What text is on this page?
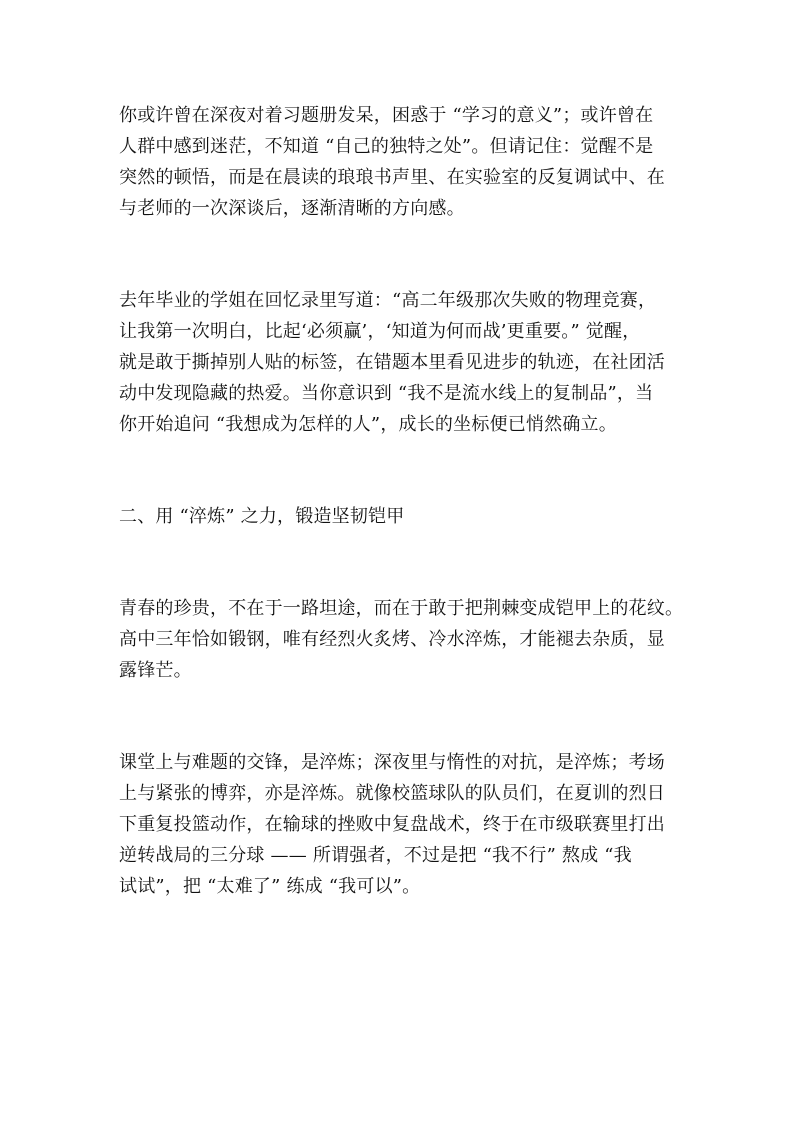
你或许曾在深夜对着习题册发呆，困惑于 “学习的意义”；或许曾在
人群中感到迷茫，不知道 “自己的独特之处”。但请记住：觉醒不是
突然的顿悟，而是在晨读的琅琅书声里、在实验室的反复调试中、在
与老师的一次深谈后，逐渐清晰的方向感。

去年毕业的学姐在回忆录里写道：“高二年级那次失败的物理竞赛，
让我第一次明白，比起‘必须赢’，‘知道为何而战’更重要。” 觉醒，
就是敢于撕掉别人贴的标签，在错题本里看见进步的轨迹，在社团活
动中发现隐藏的热爱。当你意识到 “我不是流水线上的复制品”，当
你开始追问 “我想成为怎样的人”，成长的坐标便已悄然确立。

二、用 “淬炼” 之力，锻造坚韧铠甲

青春的珍贵，不在于一路坦途，而在于敢于把荆棘变成铠甲上的花纹。
高中三年恰如锻钢，唯有经烈火炙烤、冷水淬炼，才能褪去杂质，显
露锋芒。

课堂上与难题的交锋，是淬炼；深夜里与惰性的对抗，是淬炼；考场
上与紧张的博弈，亦是淬炼。就像校篮球队的队员们，在夏训的烈日
下重复投篮动作，在输球的挫败中复盘战术，终于在市级联赛里打出
逆转战局的三分球 —— 所谓强者，不过是把 “我不行” 熬成 “我
试试”，把 “太难了” 练成 “我可以”。
